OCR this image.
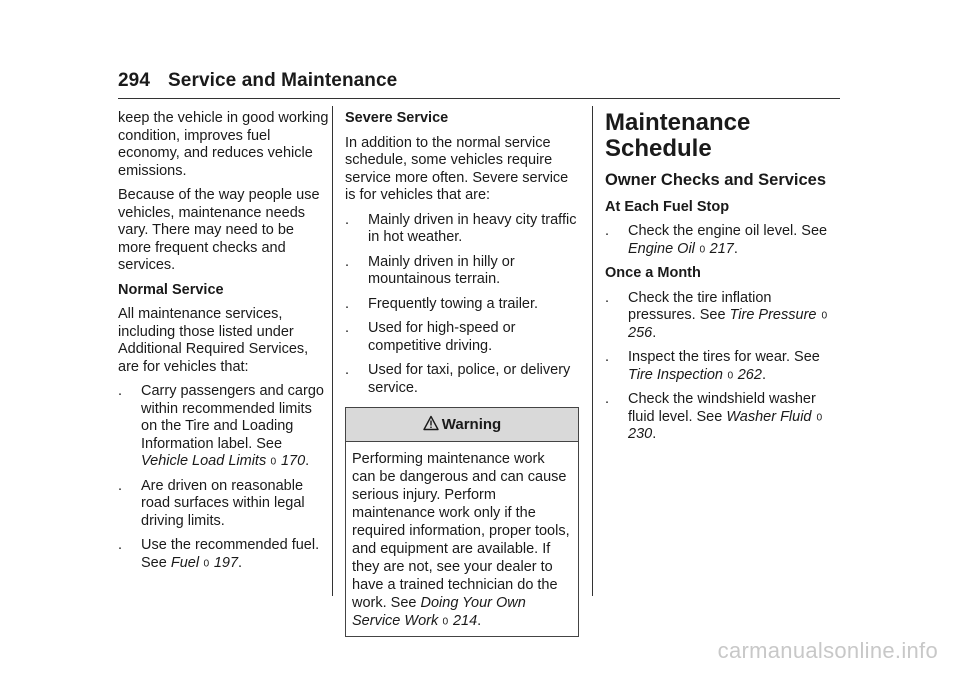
294 Service and Maintenance

keep the vehicle in good working condition, improves fuel economy, and reduces vehicle emissions.

Because of the way people use vehicles, maintenance needs vary. There may need to be more frequent checks and services.

Normal Service

All maintenance services, including those listed under Additional Required Services, are for vehicles that:

. Carry passengers and cargo within recommended limits on the Tire and Loading Information label. See Vehicle Load Limits 0 170.
. Are driven on reasonable road surfaces within legal driving limits.
. Use the recommended fuel. See Fuel 0 197.
Severe Service

In addition to the normal service schedule, some vehicles require service more often. Severe service is for vehicles that are:

. Mainly driven in heavy city traffic in hot weather.
. Mainly driven in hilly or mountainous terrain.
. Frequently towing a trailer.
. Used for high-speed or competitive driving.
. Used for taxi, police, or delivery service.
Warning
Performing maintenance work can be dangerous and can cause serious injury. Perform maintenance work only if the required information, proper tools, and equipment are available. If they are not, see your dealer to have a trained technician do the work. See Doing Your Own Service Work 0 214.
Maintenance Schedule
Owner Checks and Services
At Each Fuel Stop
. Check the engine oil level. See Engine Oil 0 217.
Once a Month
. Check the tire inflation pressures. See Tire Pressure 0 256.
. Inspect the tires for wear. See Tire Inspection 0 262.
. Check the windshield washer fluid level. See Washer Fluid 0 230.
carmanualsonline.info
